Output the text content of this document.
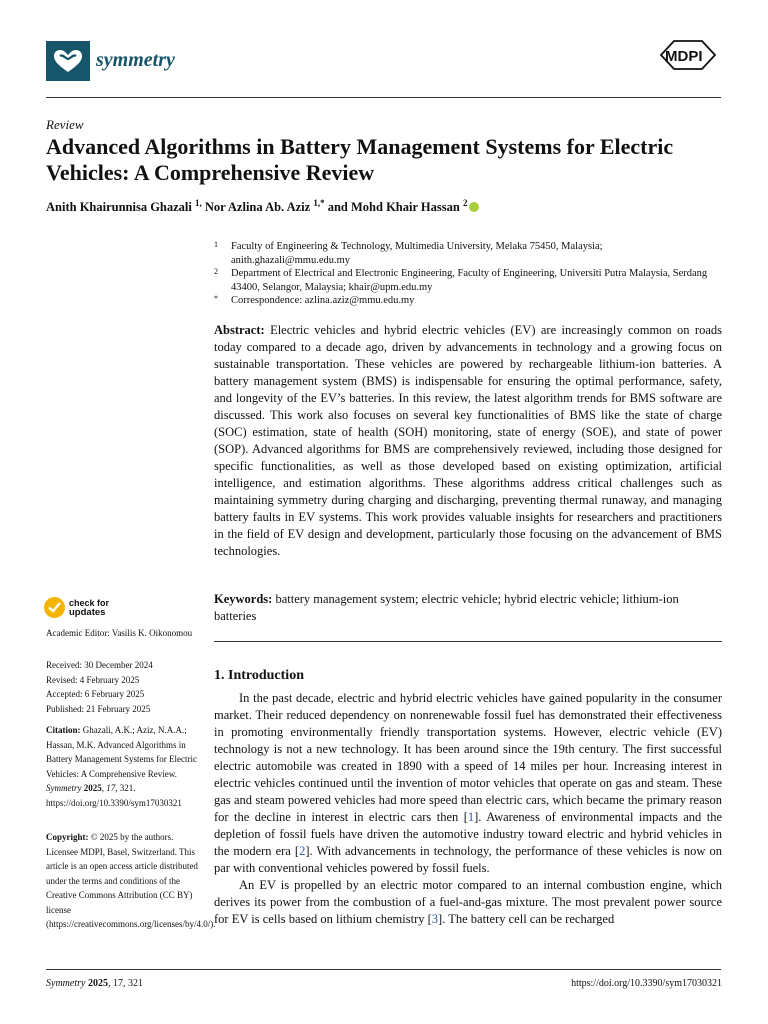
symmetry	MDPI
Review
Advanced Algorithms in Battery Management Systems for Electric Vehicles: A Comprehensive Review
Anith Khairunnisa Ghazali $^{1,}$ Nor Azlina Ab. Aziz $^{1,*}$ and Mohd Khair Hassan $^2$
1	Faculty of Engineering & Technology, Multimedia University, Melaka 75450, Malaysia; anith.ghazali@mmu.edu.my
2	Department of Electrical and Electronic Engineering, Faculty of Engineering, Universiti Putra Malaysia, Serdang 43400, Selangor, Malaysia; khair@upm.edu.my
*	Correspondence: azlina.aziz@mmu.edu.my
Abstract: Electric vehicles and hybrid electric vehicles (EV) are increasingly common on roads today compared to a decade ago, driven by advancements in technology and a growing focus on sustainable transportation. These vehicles are powered by rechargeable lithium-ion batteries. A battery management system (BMS) is indispensable for ensuring the optimal performance, safety, and longevity of the EV’s batteries. In this review, the latest algorithm trends for BMS software are discussed. This work also focuses on several key functionalities of BMS like the state of charge (SOC) estimation, state of health (SOH) monitoring, state of energy (SOE), and state of power (SOP). Advanced algorithms for BMS are comprehensively reviewed, including those designed for specific functionalities, as well as those developed based on existing optimization, artificial intelligence, and estimation algorithms. These algorithms address critical challenges such as maintaining symmetry during charging and discharging, preventing thermal runaway, and managing battery faults in EV systems. This work provides valuable insights for researchers and practitioners in the field of EV design and development, particularly those focusing on the advancement of BMS technologies.
Keywords: battery management system; electric vehicle; hybrid electric vehicle; lithium-ion batteries
check for
updates
Academic Editor: Vasilis K. Oikonomou
Received: 30 December 2024
Revised: 4 February 2025
Accepted: 6 February 2025
Published: 21 February 2025
Citation: Ghazali, A.K.; Aziz, N.A.A.; Hassan, M.K. Advanced Algorithms in Battery Management Systems for Electric Vehicles: A Comprehensive Review. Symmetry 2025, 17, 321. https://doi.org/10.3390/sym17030321
Copyright: © 2025 by the authors. Licensee MDPI, Basel, Switzerland. This article is an open access article distributed under the terms and conditions of the Creative Commons Attribution (CC BY) license (https://creativecommons.org/licenses/by/4.0/).
1. Introduction

In the past decade, electric and hybrid electric vehicles have gained popularity in the consumer market. Their reduced dependency on nonrenewable fossil fuel has demonstrated their effectiveness in promoting environmentally friendly transportation systems. However, electric vehicle (EV) technology is not a new technology. It has been around since the 19th century. The first successful electric automobile was created in 1890 with a speed of 14 miles per hour. Increasing interest in electric vehicles continued until the invention of motor vehicles that operate on gas and steam. These gas and steam powered vehicles had more speed than electric cars, which became the primary reason for the decline in interest in electric cars then [1]. Awareness of environmental impacts and the depletion of fossil fuels have driven the automotive industry toward electric and hybrid vehicles in the modern era [2]. With advancements in technology, the performance of these vehicles is now on par with conventional vehicles powered by fossil fuels.

An EV is propelled by an electric motor compared to an internal combustion engine, which derives its power from the combustion of a fuel-and-gas mixture. The most prevalent power source for EV is cells based on lithium chemistry [3]. The battery cell can be recharged

Symmetry 2025, 17, 321	https://doi.org/10.3390/sym17030321
